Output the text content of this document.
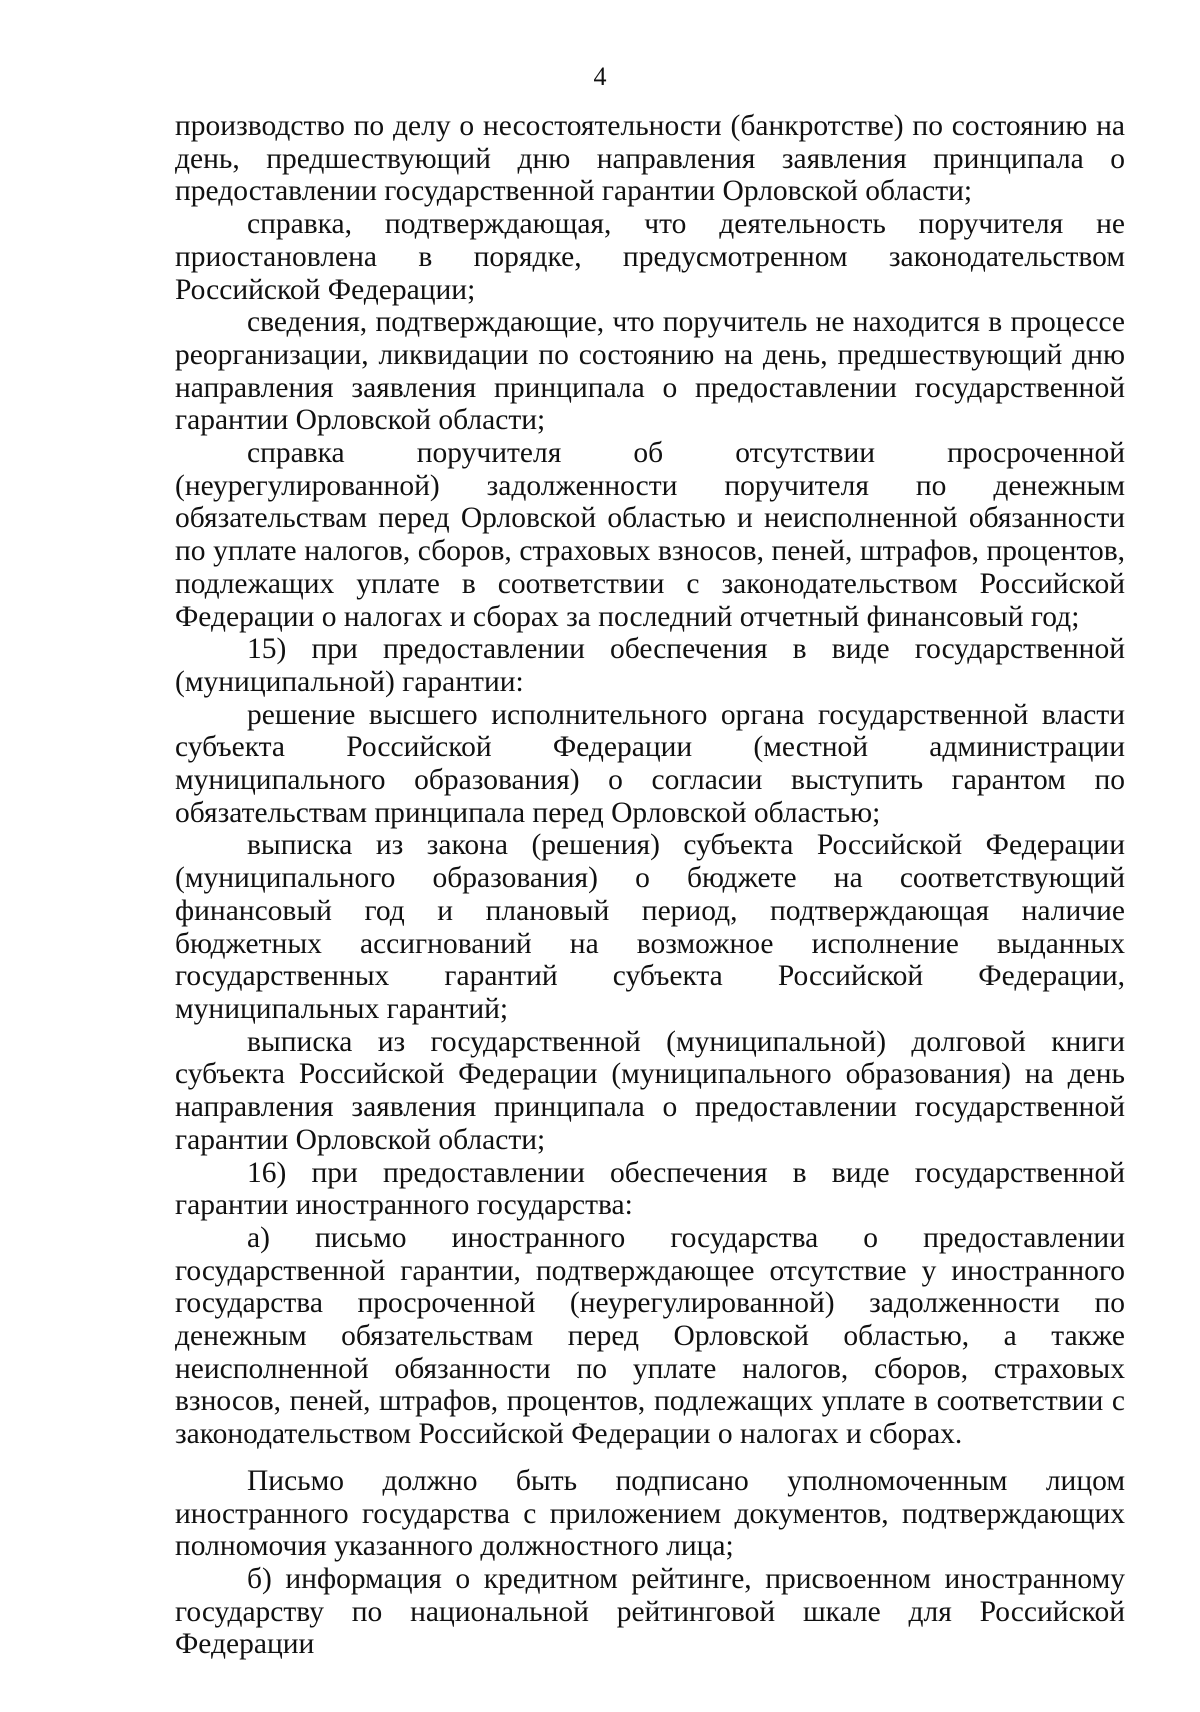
4

производство по делу о несостоятельности (банкротстве) по состоянию на день, предшествующий дню направления заявления принципала о предоставлении государственной гарантии Орловской области;

справка, подтверждающая, что деятельность поручителя не приостановлена в порядке, предусмотренном законодательством Российской Федерации;

сведения, подтверждающие, что поручитель не находится в процессе реорганизации, ликвидации по состоянию на день, предшествующий дню направления заявления принципала о предоставлении государственной гарантии Орловской области;

справка поручителя об отсутствии просроченной (неурегулированной) задолженности поручителя по денежным обязательствам перед Орловской областью и неисполненной обязанности по уплате налогов, сборов, страховых взносов, пеней, штрафов, процентов, подлежащих уплате в соответствии с законодательством Российской Федерации о налогах и сборах за последний отчетный финансовый год;

15) при предоставлении обеспечения в виде государственной (муниципальной) гарантии:

решение высшего исполнительного органа государственной власти субъекта Российской Федерации (местной администрации муниципального образования) о согласии выступить гарантом по обязательствам принципала перед Орловской областью;

выписка из закона (решения) субъекта Российской Федерации (муниципального образования) о бюджете на соответствующий финансовый год и плановый период, подтверждающая наличие бюджетных ассигнований на возможное исполнение выданных государственных гарантий субъекта Российской Федерации, муниципальных гарантий;

выписка из государственной (муниципальной) долговой книги субъекта Российской Федерации (муниципального образования) на день направления заявления принципала о предоставлении государственной гарантии Орловской области;

16) при предоставлении обеспечения в виде государственной гарантии иностранного государства:

а) письмо иностранного государства о предоставлении государственной гарантии, подтверждающее отсутствие у иностранного государства просроченной (неурегулированной) задолженности по денежным обязательствам перед Орловской областью, а также неисполненной обязанности по уплате налогов, сборов, страховых взносов, пеней, штрафов, процентов, подлежащих уплате в соответствии с законодательством Российской Федерации о налогах и сборах.

Письмо должно быть подписано уполномоченным лицом иностранного государства с приложением документов, подтверждающих полномочия указанного должностного лица;

б) информация о кредитном рейтинге, присвоенном иностранному государству по национальной рейтинговой шкале для Российской Федерации
